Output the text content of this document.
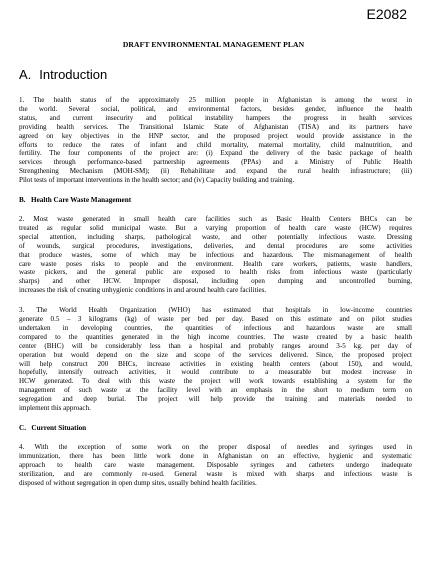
E2082
DRAFT ENVIRONMENTAL MANAGEMENT PLAN
A. Introduction
1. The health status of the approximately 25 million people in Afghanistan is among the worst in
the world. Several social, political, and environmental factors, besides gender, influence the health
status, and current insecurity and political instability hampers the progress in health services
providing health services. The Transitional Islamic State of Afghanistan (TISA) and its partners have
agreed on key objectives in the HNP sector, and the proposed project would provide assistance in the
efforts to reduce the rates of infant and child mortality, maternal mortality, child malnutrition, and
fertility. The four components of the project are: (i) Expand the delivery of the basic package of health
services through performance-based partnership agreements (PPAs) and a Ministry of Public Health
Strengthening Mechanism (MOH-SM); (ii) Rehabilitate and expand the rural health infrastructure; (iii)
Pilot tests of important interventions in the health sector; and (iv) Capacity building and training.
B. Health Care Waste Management
2. Most waste generated in small health care facilities such as Basic Health Centers BHCs can be
treated as regular solid municipal waste. But a varying proportion of health care waste (HCW) requires
special attention, including sharps, pathological waste, and other potentially infectious waste. Dressing
of wounds, surgical procedures, investigations, deliveries, and dental procedures are some activities
that produce wastes, some of which may be infectious and hazardous. The mismanagement of health
care waste poses risks to people and the environment. Health care workers, patients, waste handlers,
waste pickers, and the general public are exposed to health risks from infectious waste (particularly
sharps) and other HCW. Improper disposal, including open dumping and uncontrolled burning,
increases the risk of creating unhygienic conditions in and around health care facilities.
3. The World Health Organization (WHO) has estimated that hospitals in low-income countries
generate 0.5 – 3 kilograms (kg) of waste per bed per day. Based on this estimate and on pilot studies
undertaken in developing countries, the quantities of infectious and hazardous waste are small
compared to the quantities generated in the high income countries. The waste created by a basic health
center (BHC) will be considerably less than a hospital and probably ranges around 3-5 kg. per day of
operation but would depend on the size and scope of the services delivered. Since, the proposed project
will help construct 200 BHCs, increase activities in existing health centers (about 150), and would,
hopefully, intensify outreach activities, it would contribute to a measurable but modest increase in
HCW generated. To deal with this waste the project will work towards establishing a system for the
management of such waste at the facility level with an emphasis in the short to medium term on
segregation and deep burial. The project will help provide the training and materials needed to
implement this approach.
C. Current Situation
4. With the exception of some work on the proper disposal of needles and syringes used in
immunization, there has been little work done in Afghanistan on an effective, hygienic and systematic
approach to health care waste management. Disposable syringes and catheters undergo inadequate
sterilization, and are commonly re-used. General waste is mixed with sharps and infectious waste is
disposed of without segregation in open dump sites, usually behind health facilities.
